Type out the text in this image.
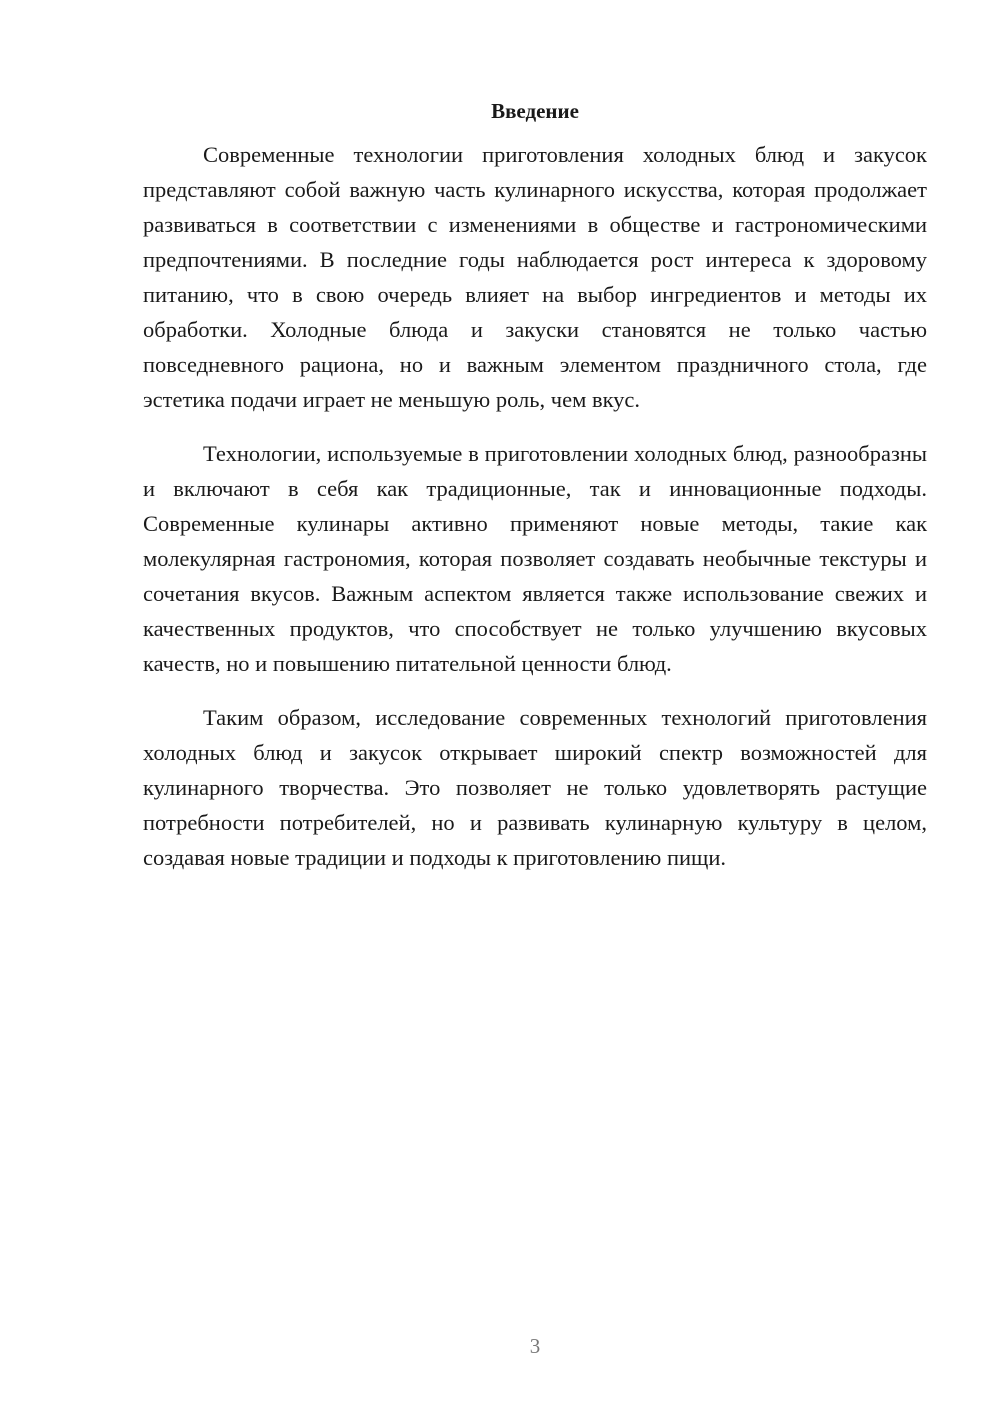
Введение

Современные технологии приготовления холодных блюд и закусок представляют собой важную часть кулинарного искусства, которая продолжает развиваться в соответствии с изменениями в обществе и гастрономическими предпочтениями. В последние годы наблюдается рост интереса к здоровому питанию, что в свою очередь влияет на выбор ингредиентов и методы их обработки. Холодные блюда и закуски становятся не только частью повседневного рациона, но и важным элементом праздничного стола, где эстетика подачи играет не меньшую роль, чем вкус.

Технологии, используемые в приготовлении холодных блюд, разнообразны и включают в себя как традиционные, так и инновационные подходы. Современные кулинары активно применяют новые методы, такие как молекулярная гастрономия, которая позволяет создавать необычные текстуры и сочетания вкусов. Важным аспектом является также использование свежих и качественных продуктов, что способствует не только улучшению вкусовых качеств, но и повышению питательной ценности блюд.

Таким образом, исследование современных технологий приготовления холодных блюд и закусок открывает широкий спектр возможностей для кулинарного творчества. Это позволяет не только удовлетворять растущие потребности потребителей, но и развивать кулинарную культуру в целом, создавая новые традиции и подходы к приготовлению пищи.

3
